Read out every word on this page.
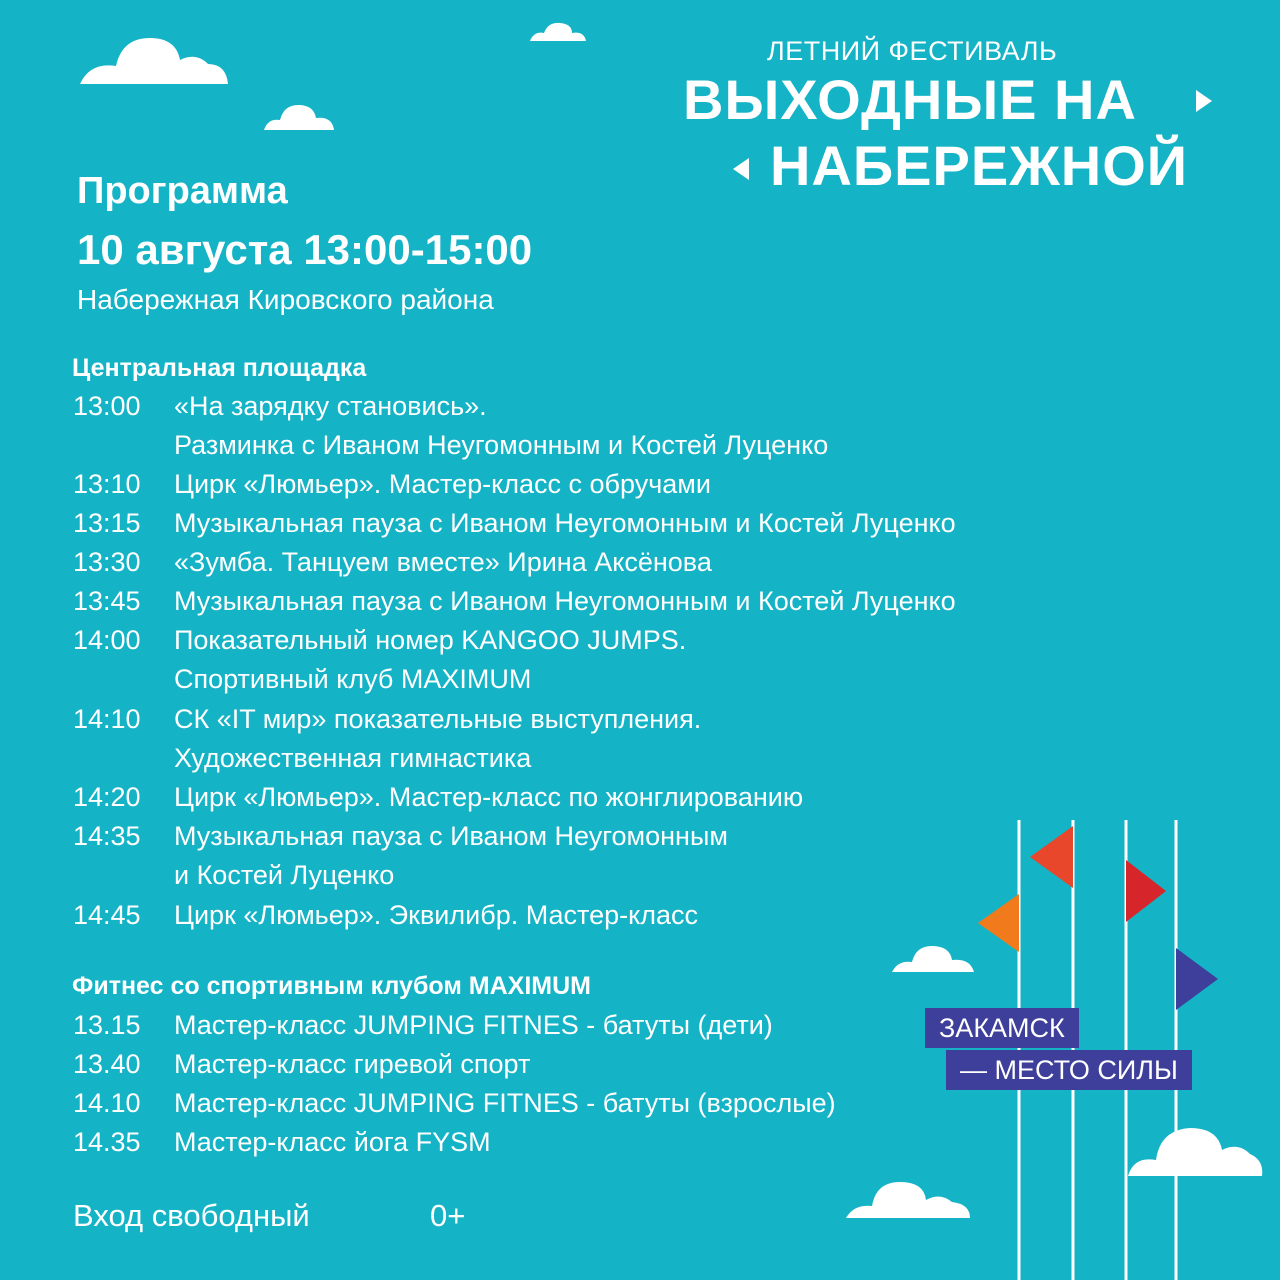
ЛЕТНИЙ ФЕСТИВАЛЬ
ВЫХОДНЫЕ НА
НАБЕРЕЖНОЙ
Программа
10 августа 13:00-15:00
Набережная Кировского района
Центральная площадка
13:00	«На зарядку становись».
Разминка с Иваном Неугомонным и Костей Луценко
13:10	Цирк «Люмьер». Мастер-класс с обручами
13:15	Музыкальная пауза с Иваном Неугомонным и Костей Луценко
13:30	«Зумба. Танцуем вместе» Ирина Аксёнова
13:45	Музыкальная пауза с Иваном Неугомонным и Костей Луценко
14:00	Показательный номер KANGOO JUMPS.
Спортивный клуб MAXIMUM
14:10	СК «IT мир» показательные выступления.
Художественная гимнастика
14:20	Цирк «Люмьер». Мастер-класс по жонглированию
14:35	Музыкальная пауза с Иваном Неугомонным
и Костей Луценко
14:45	Цирк «Люмьер». Эквилибр. Мастер-класс
Фитнес со спортивным клубом MAXIMUM
13.15	Мастер-класс JUMPING FITNES - батуты (дети)
13.40	Мастер-класс гиревой спорт
14.10	Мастер-класс JUMPING FITNES - батуты (взрослые)
14.35	Мастер-класс йога FYSM
Вход свободный	0+
ЗАКАМСК
— МЕСТО СИЛЫ
